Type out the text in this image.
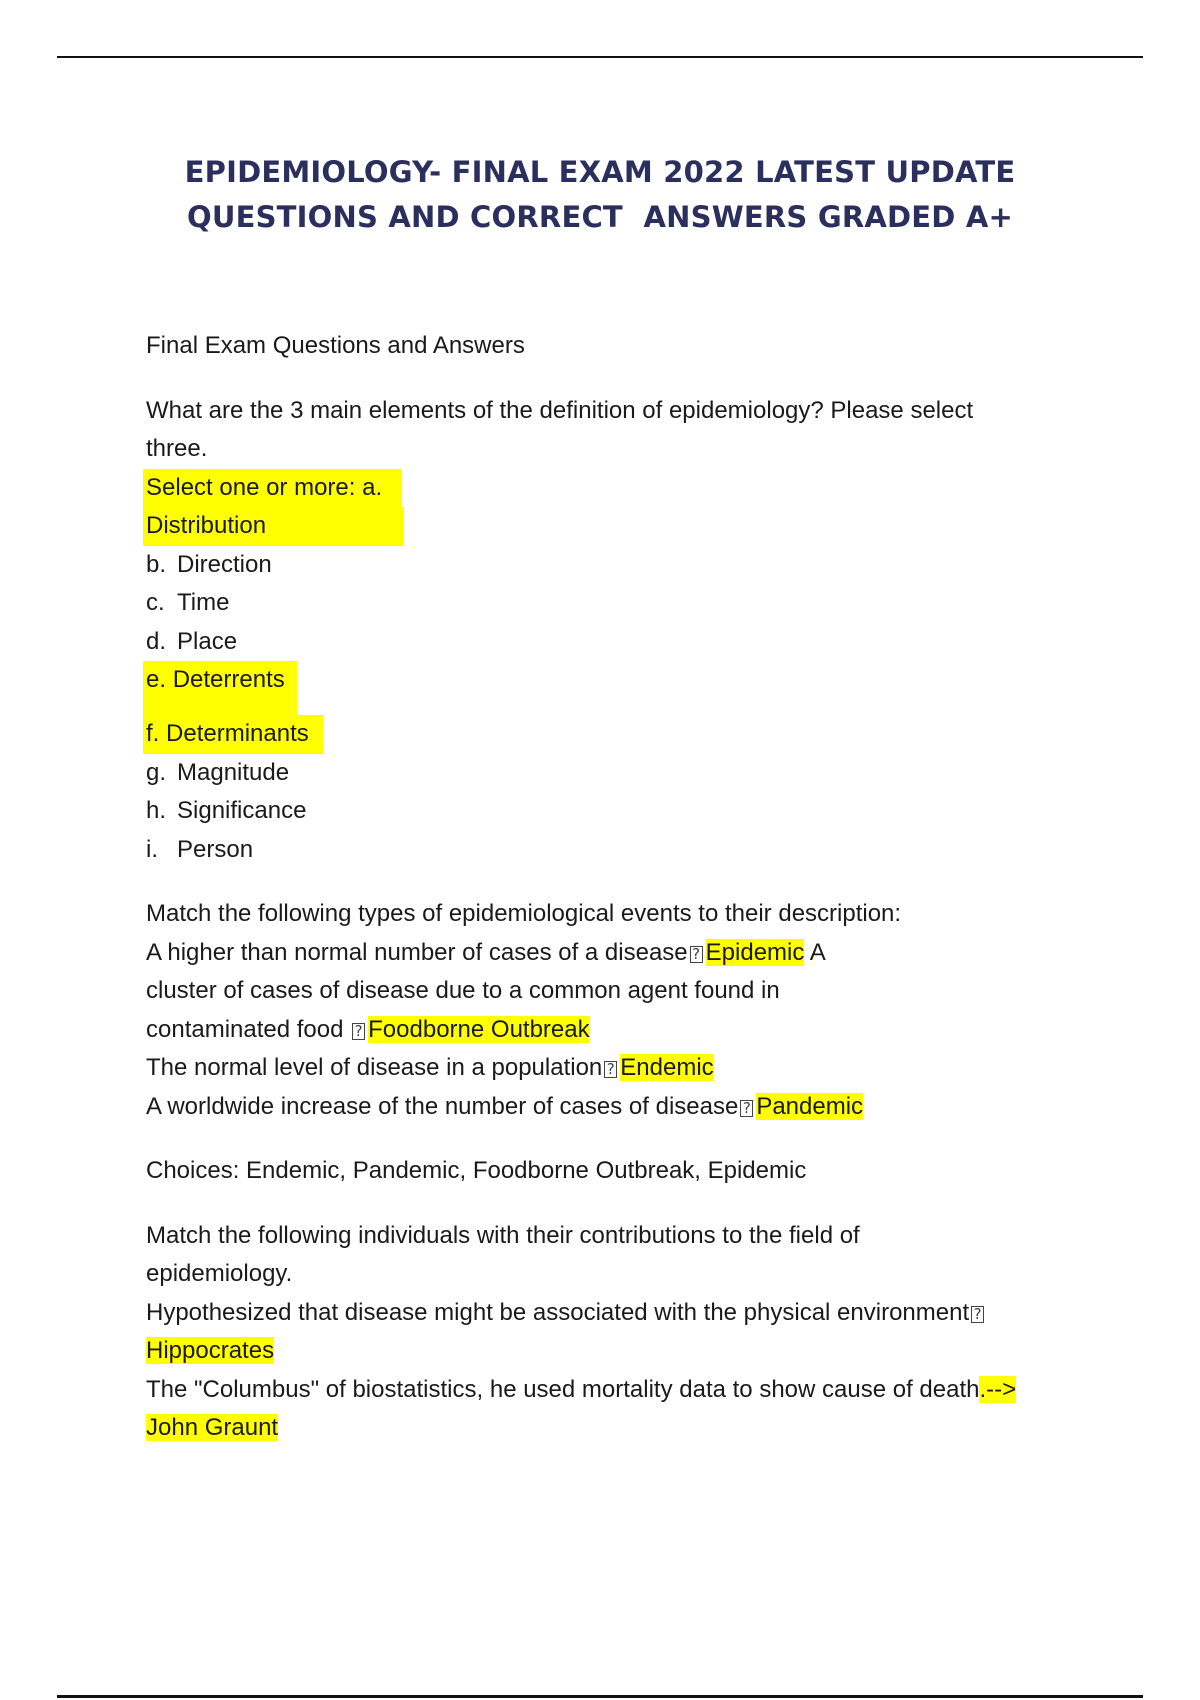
EPIDEMIOLOGY- FINAL EXAM 2022 LATEST UPDATE
QUESTIONS AND CORRECT  ANSWERS GRADED A+
Final Exam Questions and Answers
What are the 3 main elements of the definition of epidemiology? Please select
three.
Select one or more: a.
Distribution
b. Direction
c. Time
d. Place
e. Deterrents
f. Determinants
g. Magnitude
h. Significance
i. Person
Match the following types of epidemiological events to their description:
A higher than normal number of cases of a disease ? Epidemic A
cluster of cases of disease due to a common agent found in
contaminated food ? Foodborne Outbreak
The normal level of disease in a population ? Endemic
A worldwide increase of the number of cases of disease ? Pandemic
Choices: Endemic, Pandemic, Foodborne Outbreak, Epidemic
Match the following individuals with their contributions to the field of
epidemiology.
Hypothesized that disease might be associated with the physical environment ?
Hippocrates
The "Columbus" of biostatistics, he used mortality data to show cause of death.-->
John Graunt
